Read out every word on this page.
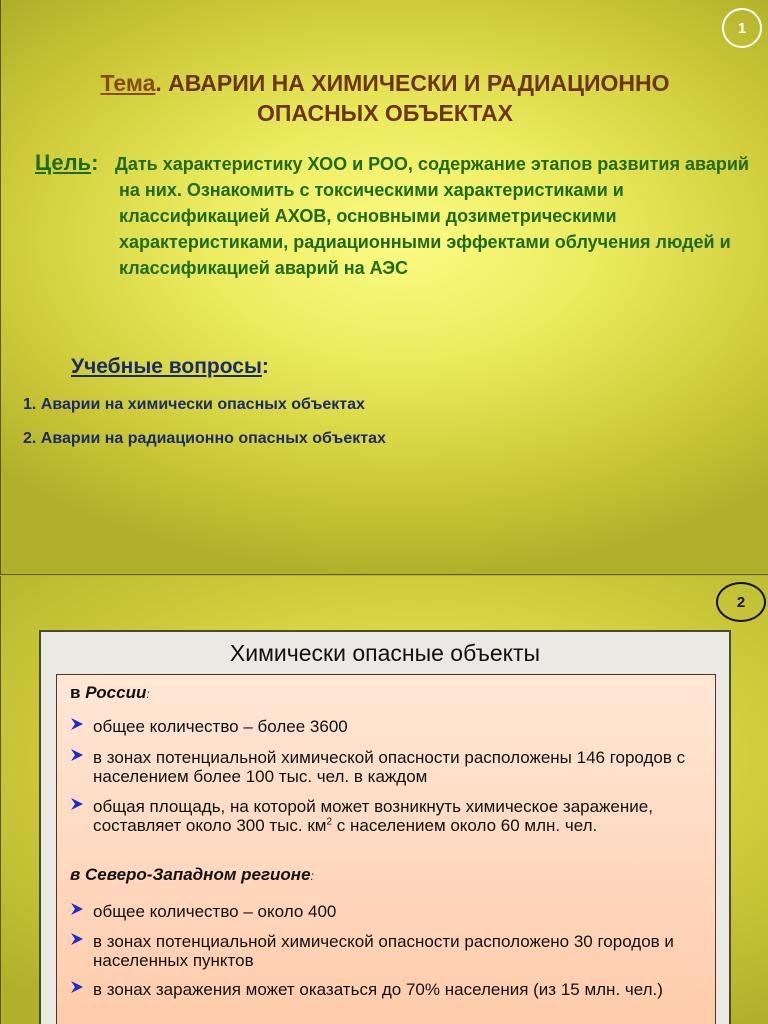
1
Тема. АВАРИИ НА ХИМИЧЕСКИ И РАДИАЦИОННО
ОПАСНЫХ ОБЪЕКТАХ
Цель: Дать характеристику ХОО и РОО, содержание этапов развития аварий на них. Ознакомить с токсическими характеристиками и классификацией АХОВ, основными дозиметрическими характеристиками, радиационными эффектами облучения людей и классификацией аварий на АЭС
Учебные вопросы:
1. Аварии на химически опасных объектах
2. Аварии на радиационно опасных объектах
2
Химически опасные объекты
в России:
общее количество – более 3600
в зонах потенциальной химической опасности расположены 146 городов с населением более 100 тыс. чел. в каждом
общая площадь, на которой может возникнуть химическое заражение, составляет около 300 тыс. $км^2$ с населением около 60 млн. чел.
в Северо-Западном регионе:
общее количество – около 400
в зонах потенциальной химической опасности расположено 30 городов и населенных пунктов
в зонах заражения может оказаться до 70% населения (из 15 млн. чел.)
